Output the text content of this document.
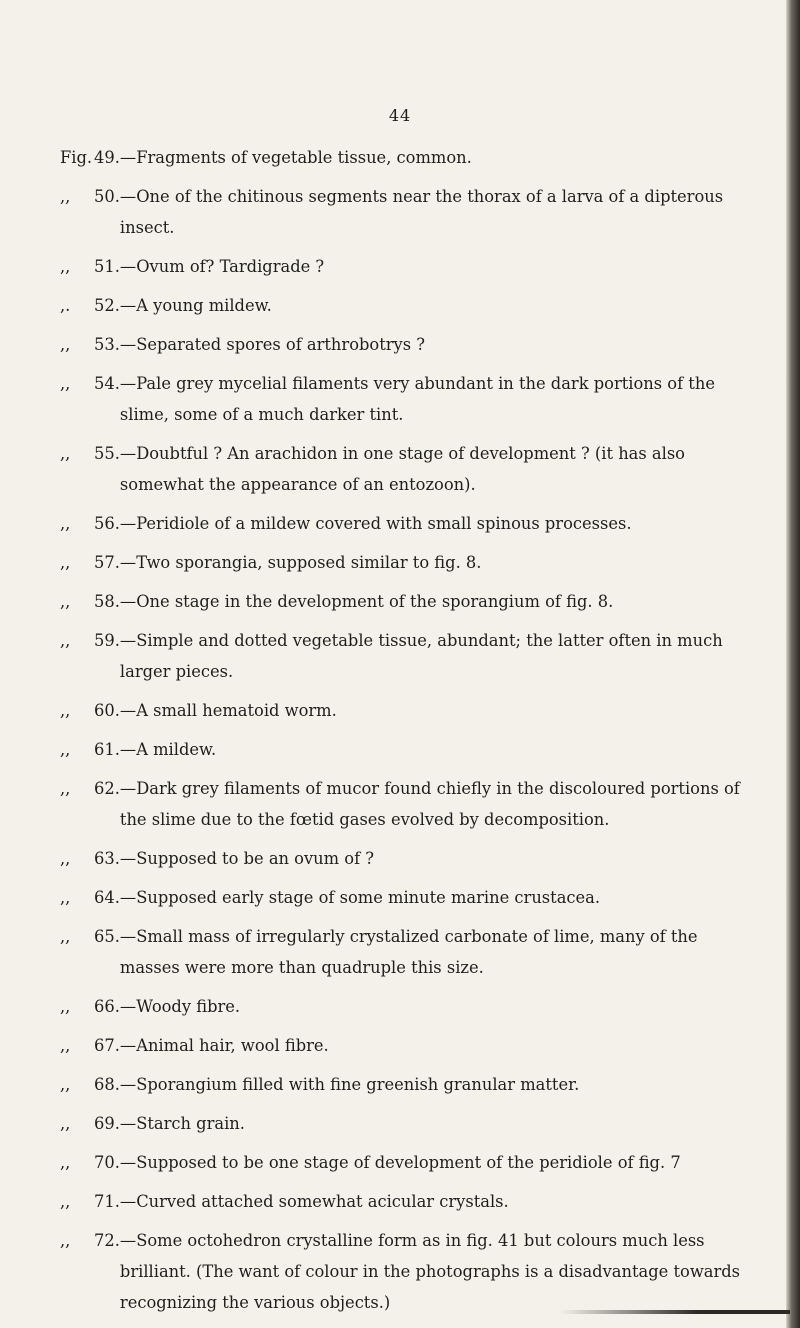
44
Fig. 49. —Fragments of vegetable tissue, common.
,,	50. —One of the chitinous segments near the thorax of a larva of a dipterous insect.
,,	51. —Ovum of? Tardigrade ?
,.	52. —A young mildew.
,,	53. —Separated spores of arthrobotrys ?
,,	54. —Pale grey mycelial filaments very abundant in the dark portions of the slime, some of a much darker tint.
,,	55. —Doubtful ? An arachidon in one stage of development ? (it has also somewhat the appearance of an entozoon).
,,	56. —Peridiole of a mildew covered with small spinous processes.
,,	57. —Two sporangia, supposed similar to fig. 8.
,,	58. —One stage in the development of the sporangium of fig. 8.
,,	59. —Simple and dotted vegetable tissue, abundant; the latter often in much larger pieces.
,,	60. —A small hematoid worm.
,,	61. —A mildew.
,,	62. —Dark grey filaments of mucor found chiefly in the discoloured portions of the slime due to the fœtid gases evolved by decomposition.
,,	63. —Supposed to be an ovum of ?
,,	64. —Supposed early stage of some minute marine crustacea.
,,	65. —Small mass of irregularly crystalized carbonate of lime, many of the masses were more than quadruple this size.
,,	66. —Woody fibre.
,,	67. —Animal hair, wool fibre.
,,	68. —Sporangium filled with fine greenish granular matter.
,,	69. —Starch grain.
,,	70. —Supposed to be one stage of development of the peridiole of fig. 7
,,	71. —Curved attached somewhat acicular crystals.
,,	72. —Some octohedron crystalline form as in fig. 41 but colours much less brilliant. (The want of colour in the photographs is a disadvantage towards recognizing the various objects.)
